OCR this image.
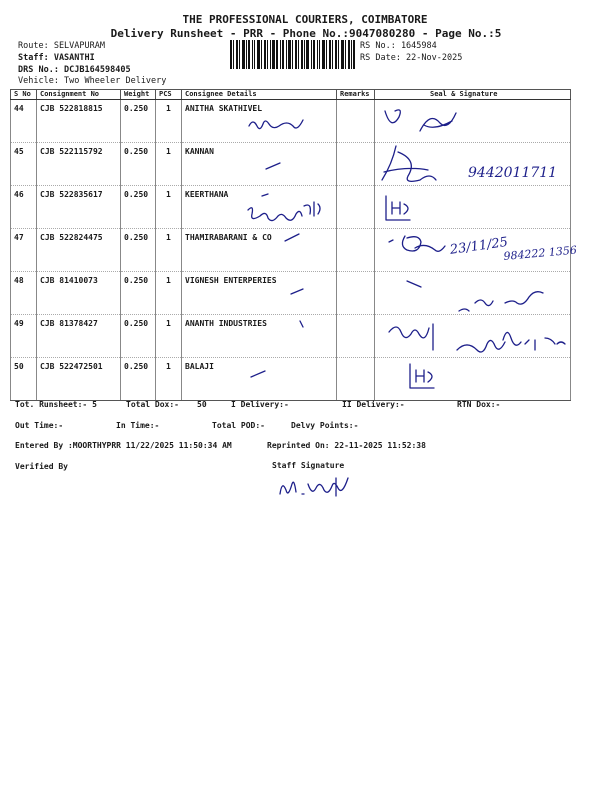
THE PROFESSIONAL COURIERS, COIMBATORE
Delivery Runsheet - PRR - Phone No.:9047080280 - Page No.:5
Route: SELVAPURAM
Staff: VASANTHI
DRS No.: DCJB164598405
Vehicle: Two Wheeler Delivery
RS No.: 1645984
RS Date: 22-Nov-2025
S No	Consignment No	Weight	PCS	Consignee Details	Remarks	Seal & Signature
44	CJB 522818815	0.250	1	ANITHA SKATHIVEL		
45	CJB 522115792	0.250	1	KANNAN		
46	CJB 522835617	0.250	1	KEERTHANA		
47	CJB 522824475	0.250	1	THAMIRABARANI & CO		
48	CJB 81410073	0.250	1	VIGNESH ENTERPERIES		
49	CJB 81378427	0.250	1	ANANTH INDUSTRIES		
50	CJB 522472501	0.250	1	BALAJI		
9442011711
23/11/25
984222 1356
Tot. Runsheet:- 5	Total Dox:- 50	I Delivery:-	II Delivery:-	RTN Dox:-
Out Time:-	In Time:-	Total POD:-	Delvy Points:-
Entered By :MOORTHYPRR 11/22/2025 11:50:34 AM	Reprinted On: 22-11-2025 11:52:38
Verified By	Staff Signature
